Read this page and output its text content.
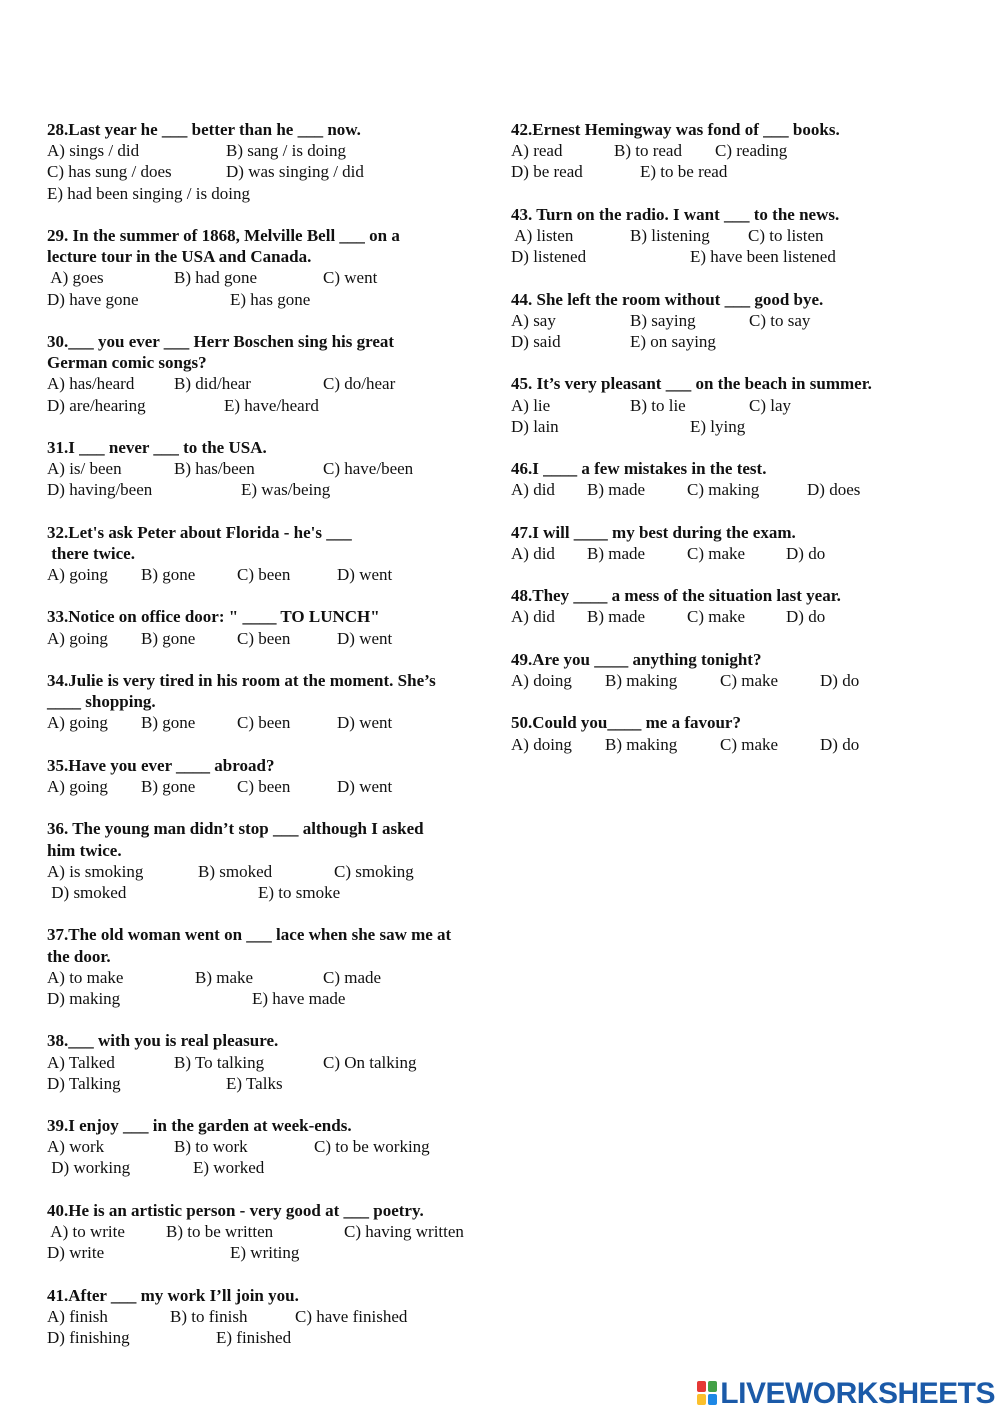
28.Last year he ___ better than he ___ now.
A) sings / did	B) sang / is doing
C) has sung / does	D) was singing / did
E) had been singing / is doing
29. In the summer of 1868, Melville Bell ___ on a
lecture tour in the USA and Canada.
A) goes	B) had gone	C) went
D) have gone	E) has gone
30.___ you ever ___ Herr Boschen sing his great
German comic songs?
A) has/heard B) did/hear	C) do/hear
D) are/hearing	E) have/heard
31.I ___ never ___ to the USA.
A) is/ been	B) has/been	C) have/been
D) having/been	E) was/being
32.Let's ask Peter about Florida - he's ___
there twice.
A) going B) gone C) been	D) went
33.Notice on office door: " ____ TO LUNCH"
A) going B) gone C) been	D) went
34.Julie is very tired in his room at the moment. She’s
____ shopping.
A) going B) gone C) been	D) went
35.Have you ever ____ abroad?
A) going B) gone C) been	D) went
36. The young man didn’t stop ___ although I asked
him twice.
A) is smoking	B) smoked	C) smoking
D) smoked	E) to smoke
37.The old woman went on ___ lace when she saw me at
the door.
A) to make	B) make	C) made
D) making	E) have made
38.___ with you is real pleasure.
A) Talked	B) To talking	C) On talking
D) Talking	E) Talks
39.I enjoy ___ in the garden at week-ends.
A) work	B) to work	C) to be working
D) working	E) worked
40.He is an artistic person - very good at ___ poetry.
A) to write B) to be written	C) having written
D) write	E) writing
41.After ___ my work I’ll join you.
A) finish	B) to finish	C) have finished
D) finishing	E) finished
42.Ernest Hemingway was fond of ___ books.
A) read	B) to read C) reading
D) be read	E) to be read
43. Turn on the radio. I want ___ to the news.
A) listen	B) listening C) to listen
D) listened	E) have been listened
44. She left the room without ___ good bye.
A) say	B) saying	C) to say
D) said	E) on saying
45. It’s very pleasant ___ on the beach in summer.
A) lie	B) to lie	C) lay
D) lain	E) lying
46.I ____ a few mistakes in the test.
A) did B) made C) making	D) does
47.I will ____ my best during the exam.
A) did B) made C) make D) do
48.They ____ a mess of the situation last year.
A) did B) made C) make D) do
49.Are you ____ anything tonight?
A) doing B) making	C) make D) do
50.Could you____ me a favour?
A) doing B) making	C) make D) do
LIVEWORKSHEETS
